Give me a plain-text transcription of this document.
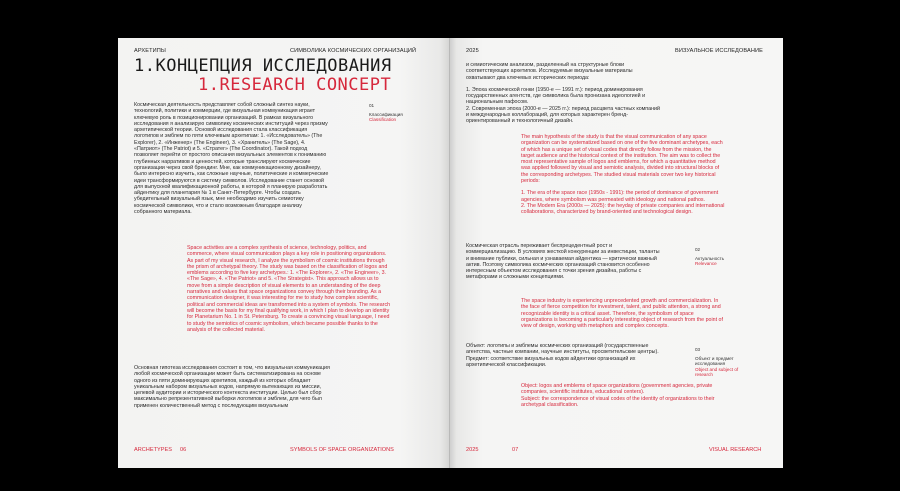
АРХЕТИПЫ	СИМВОЛИКА КОСМИЧЕСКИХ ОРГАНИЗАЦИЙ
1.КОНЦЕПЦИЯ ИССЛЕДОВАНИЯ
1.RESEARCH CONCEPT

Космическая деятельность представляет собой сложный синтез науки, технологий, политики и коммерции, где визуальная коммуникация играет ключевую роль в позиционировании организаций. В рамках визуального исследования я анализирую символику космических институций через призму архетипической теории. Основой исследования стала классификация логотипов и эмблем по пяти ключевым архетипам: 1. «Исследователь» (The Explorer), 2. «Инженер» (The Engineer), 3. «Хранитель» (The Sage), 4. «Патриот» (The Patriot) и 5. «Стратег» (The Coordinator). Такой подход позволяет перейти от простого описания визуальных элементов к пониманию глубинных нарративов и ценностей, которые транслируют космические организации через свой брендинг. Мне, как коммуникационному дизайнеру, было интересно изучить, как сложные научные, политические и коммерческие идеи трансформируются в систему символов. Исследование станет основой для выпускной квалификационной работы, в которой я планирую разработать айдентику для планетария № 1 в Санкт-Петербурге. Чтобы создать убедительный визуальный язык, мне необходимо изучить семиотику космической символики, что и стало возможным благодаря анализу собранного материала.

01
Классификация
Classification

Space activities are a complex synthesis of science, technology, politics, and commerce, where visual communication plays a key role in positioning organizations. As part of my visual research, I analyze the symbolism of cosmic institutions through the prism of archetypal theory. The study was based on the classification of logos and emblems according to five key archetypes.: 1. «The Explorer», 2. «The Engineer», 3. «The Sage», 4. «The Patriot» and 5. «The Strategist». This approach allows us to move from a simple description of visual elements to an understanding of the deep narratives and values that space organizations convey through their branding. As a communication designer, it was interesting for me to study how complex scientific, political and commercial ideas are transformed into a system of symbols. The research will become the basis for my final qualifying work, in which I plan to develop an identity for Planetarium No. 1 in St. Petersburg. To create a convincing visual language, I need to study the semiotics of cosmic symbolism, which became possible thanks to the analysis of the collected material.

Основная гипотеза исследования состоит в том, что визуальная коммуникация любой космической организации может быть систематизирована на основе одного из пяти доминирующих архетипов, каждый из которых обладает уникальным набором визуальных кодов, напрямую вытекающих из миссии, целевой аудитории и исторического контекста институции. Целью был сбор максимально репрезентативной выборки логотипов и эмблем, для чего был применен количественный метод с последующим визуальным

ARCHETYPES 06	SYMBOLS OF SPACE ORGANIZATIONS
2025	ВИЗУАЛЬНОЕ ИССЛЕДОВАНИЕ

и семиотическим анализом, разделенный на структурные блоки соответствующих архетипов. Исследуемые визуальные материалы охватывают два ключевых исторических периода:

1. Эпоха космической гонки (1950-е — 1991 гг.): период доминирования государственных агентств, где символика была пронизана идеологией и национальным пафосом.

2. Современная эпоха (2000-е — 2025 гг.): период расцвета частных компаний и международных коллабораций, для которых характерен бренд-ориентированный и технологичный дизайн.

The main hypothesis of the study is that the visual communication of any space organization can be systematized based on one of the five dominant archetypes, each of which has a unique set of visual codes that directly follow from the mission, the target audience and the historical context of the institution. The aim was to collect the most representative sample of logos and emblems, for which a quantitative method was applied followed by visual and semiotic analysis, divided into structural blocks of the corresponding archetypes. The studied visual materials cover two key historical periods:

1. The era of the space race (1950s - 1991): the period of dominance of government agencies, where symbolism was permeated with ideology and national pathos.

2. The Modern Era (2000s — 2025): the heyday of private companies and international collaborations, characterized by brand-oriented and technological design.

Космическая отрасль переживает беспрецедентный рост и коммерциализацию. В условиях жесткой конкуренции за инвестиции, таланты и внимание публики, сильная и узнаваемая айдентика — критически важный актив. Поэтому символика космических организаций становится особенно интересным объектом исследования с точки зрения дизайна, работы с метафорами и сложными концепциями.

02
Актуальность
Relevance

The space industry is experiencing unprecedented growth and commercialization. In the face of fierce competition for investment, talent, and public attention, a strong and recognizable identity is a critical asset. Therefore, the symbolism of space organizations is becoming a particularly interesting object of research from the point of view of design, working with metaphors and complex concepts.

Объект: логотипы и эмблемы космических организаций (государственные агентства, частные компании, научные институты, просветительские центры). Предмет: соответствие визуальных кодов айдентики организаций их архетипической классификации.

03
Объект и предмет исследования
Object and subject of research

Object: logos and emblems of space organizations (government agencies, private companies, scientific institutes, educational centers).

Subject: the correspondence of visual codes of the identity of organizations to their archetypal classification.

2025	07	VISUAL RESEARCH
